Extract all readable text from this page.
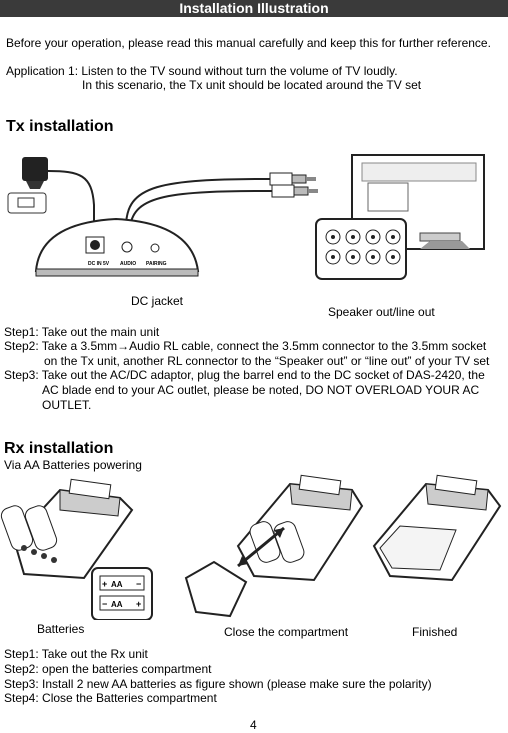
Installation Illustration
Before your operation, please read this manual carefully and keep this for further reference.
Application 1: Listen to the TV sound without turn the volume of TV loudly.
In this scenario, the Tx unit should be located around the TV set
Tx installation
DC IN 5V AUDIO PAIRING
DC jacket
Speaker out/line out
Step1: Take out the main unit
Step2: Take a 3.5mm→Audio RL cable, connect the 3.5mm connector to the 3.5mm socket
on the Tx unit, another RL connector to the “Speaker out” or “line out” of your TV set
Step3: Take out the AC/DC adaptor, plug the barrel end to the DC socket of DAS-2420, the
AC blade end to your AC outlet, please be noted, DO NOT OVERLOAD YOUR AC
OUTLET.
Rx installation
Via AA Batteries powering
+ AA −
− AA +
Batteries	Close the compartment	Finished
Step1: Take out the Rx unit
Step2: open the batteries compartment
Step3: Install 2 new AA batteries as figure shown (please make sure the polarity)
Step4: Close the Batteries compartment
4
